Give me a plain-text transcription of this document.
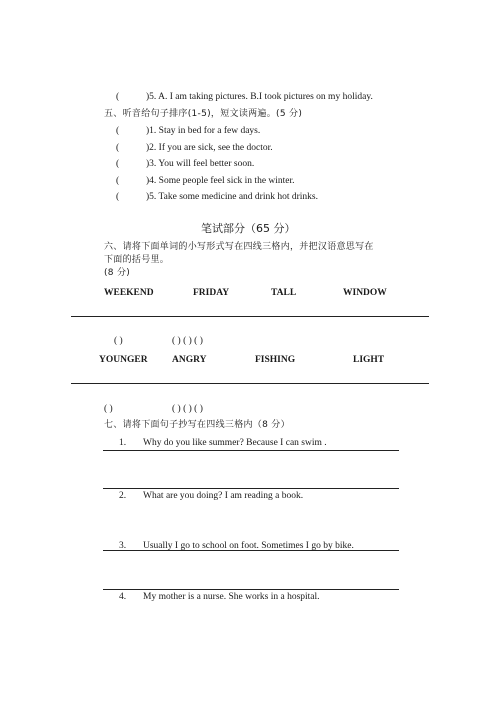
(	)5. A. I am taking pictures. B.I took pictures on my holiday.
五、听音给句子排序(1-5)，短文读两遍。(5 分)
(	)1. Stay in bed for a few days.
(	)2. If you are sick, see the doctor.
(	)3. You will feel better soon.
(	)4. Some people feel sick in the winter.
(	)5. Take some medicine and drink hot drinks.
笔试部分（65 分）
六、请将下面单词的小写形式写在四线三格内，并把汉语意思写在
下面的括号里。
(8 分)
WEEKEND	FRIDAY	TALL	WINDOW
( )	( ) ( ) ( )
YOUNGER	ANGRY	FISHING	LIGHT
( )	( ) ( ) ( )
七、请将下面句子抄写在四线三格内（8 分）
1. Why do you like summer? Because I can swim .
2. What are you doing? I am reading a book.
3. Usually I go to school on foot. Sometimes I go by bike.
4. My mother is a nurse. She works in a hospital.
